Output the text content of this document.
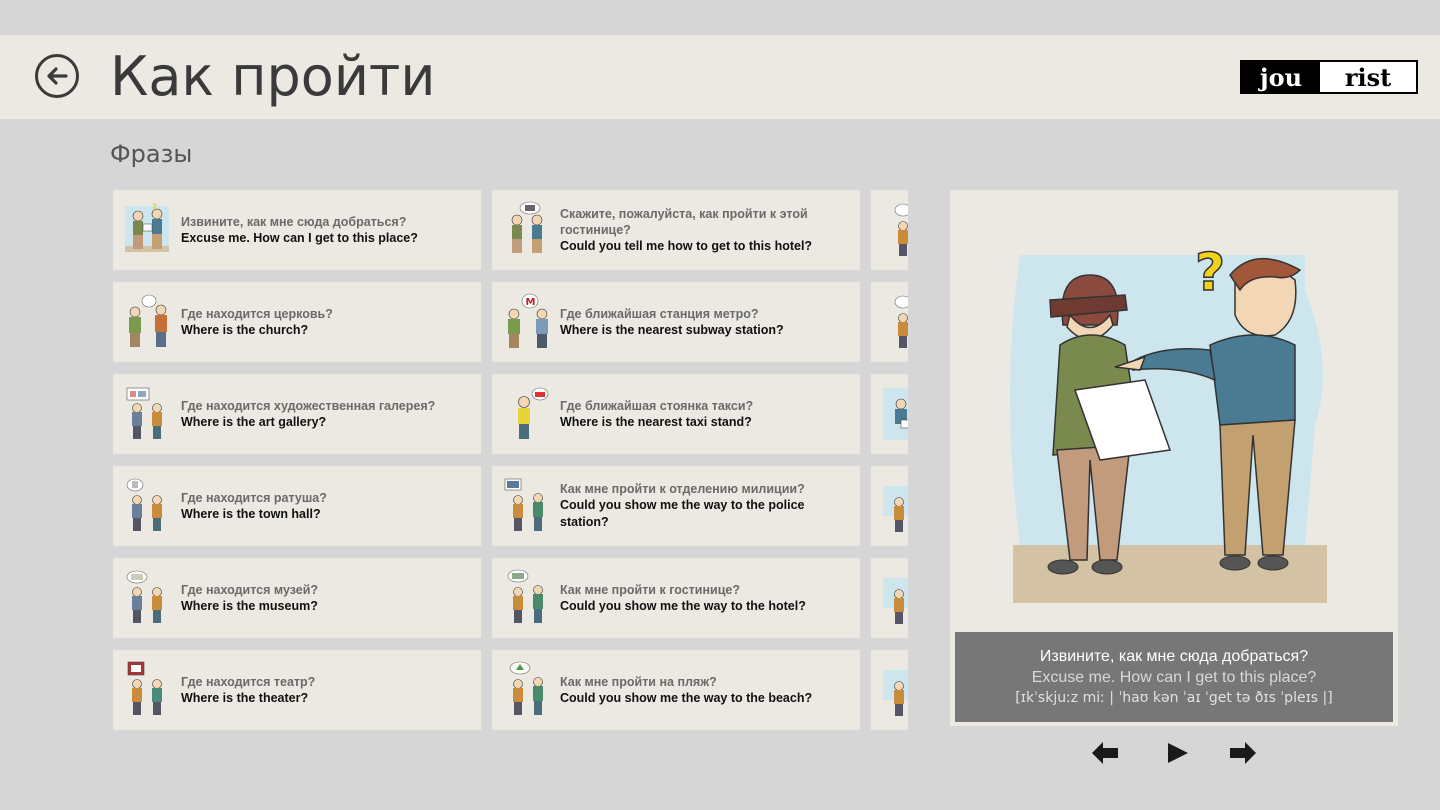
Как пройти	jou	rist
Фразы
?
Извините, как мне сюда добраться?
Excuse me. How can I get to this place?
Где находится церковь?
Where is the church?
Где находится художественная галерея?
Where is the art gallery?
Где находится ратуша?
Where is the town hall?
Где находится музей?
Where is the museum?
Где находится театр?
Where is the theater?
Скажите, пожалуйста, как пройти к этой гостинице?
Could you tell me how to get to this hotel?
M
Где ближайшая станция метро?
Where is the nearest subway station?
Где ближайшая стоянка такси?
Where is the nearest taxi stand?
Как мне пройти к отделению милиции?
Could you show me the way to the police station?
Как мне пройти к гостинице?
Could you show me the way to the hotel?
Как мне пройти на пляж?
Could you show me the way to the beach?
?
Извините, как мне сюда добраться?
Excuse me. How can I get to this place?
[ɪkˈskjuːz miː | ˈhaʊ kən ˈaɪ ˈget tə ðɪs ˈpleɪs |]
